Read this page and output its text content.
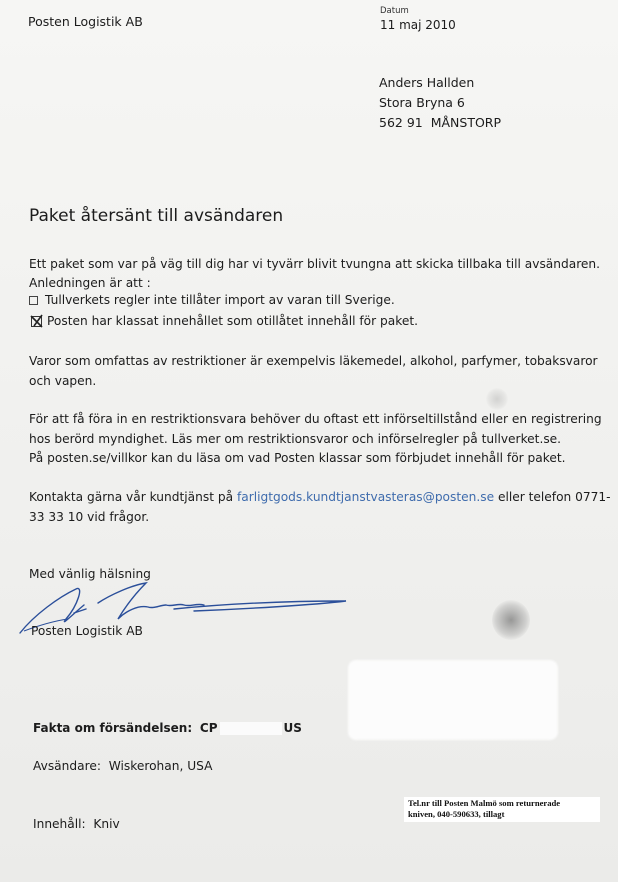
Posten Logistik AB
Datum
11 maj 2010
Anders Hallden
Stora Bryna 6
562 91 MÅNSTORP
Paket återsänt till avsändaren
Ett paket som var på väg till dig har vi tyvärr blivit tvungna att skicka tillbaka till avsändaren.
Anledningen är att :
Tullverkets regler inte tillåter import av varan till Sverige.
Posten har klassat innehållet som otillåtet innehåll för paket.
Varor som omfattas av restriktioner är exempelvis läkemedel, alkohol, parfymer, tobaksvaror
och vapen.
För att få föra in en restriktionsvara behöver du oftast ett införseltillstånd eller en registrering
hos berörd myndighet. Läs mer om restriktionsvaror och införselregler på tullverket.se.
På posten.se/villkor kan du läsa om vad Posten klassar som förbjudet innehåll för paket.
Kontakta gärna vår kundtjänst på farligtgods.kundtjanstvasteras@posten.se eller telefon 0771-
33 33 10 vid frågor.
Med vänlig hälsning
Posten Logistik AB
Fakta om försändelsen: CP	US
Avsändare: Wiskerohan, USA
Innehåll: Kniv
Tel.nr till Posten Malmö som returnerade
kniven, 040-590633, tillagt
